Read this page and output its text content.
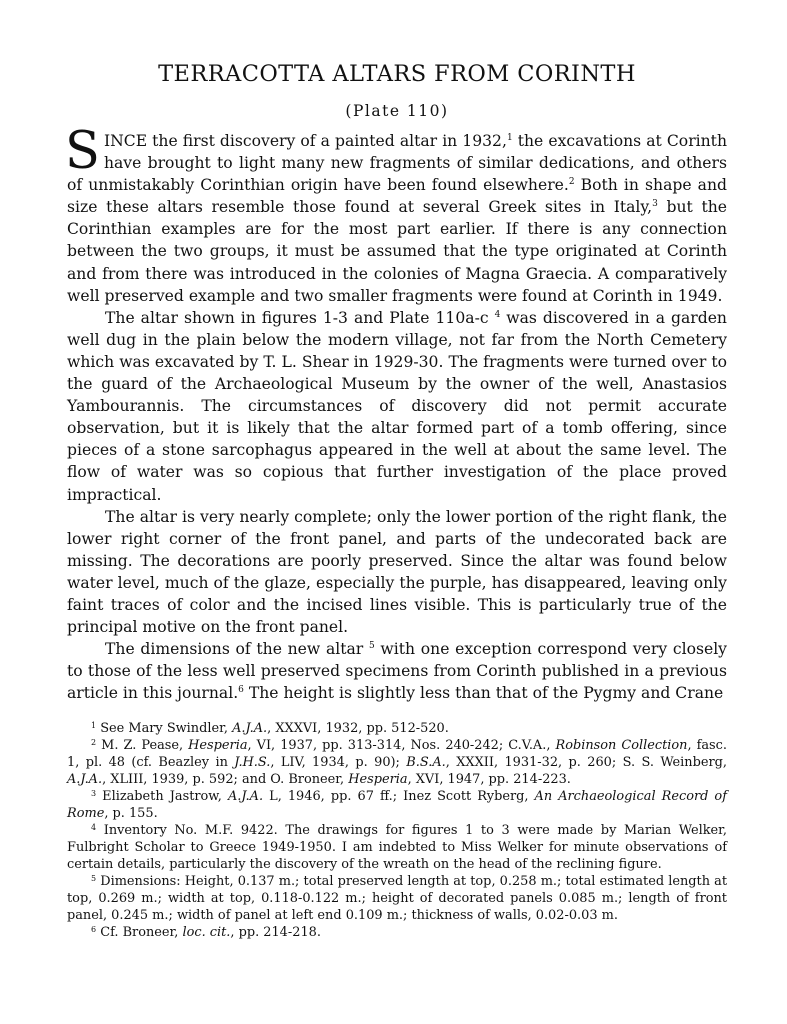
TERRACOTTA ALTARS FROM CORINTH
(Plate 110)

SINCE the first discovery of a painted altar in 1932,$^1$ the excavations at Corinth have brought to light many new fragments of similar dedications, and others of unmistakably Corinthian origin have been found elsewhere.$^2$ Both in shape and size these altars resemble those found at several Greek sites in Italy,$^3$ but the Corinthian examples are for the most part earlier. If there is any connection between the two groups, it must be assumed that the type originated at Corinth and from there was introduced in the colonies of Magna Graecia. A comparatively well preserved example and two smaller fragments were found at Corinth in 1949.

The altar shown in figures 1-3 and Plate 110a-c $^4$ was discovered in a garden well dug in the plain below the modern village, not far from the North Cemetery which was excavated by T. L. Shear in 1929-30. The fragments were turned over to the guard of the Archaeological Museum by the owner of the well, Anastasios Yambourannis. The circumstances of discovery did not permit accurate observation, but it is likely that the altar formed part of a tomb offering, since pieces of a stone sarcophagus appeared in the well at about the same level. The flow of water was so copious that further investigation of the place proved impractical.

The altar is very nearly complete; only the lower portion of the right flank, the lower right corner of the front panel, and parts of the undecorated back are missing. The decorations are poorly preserved. Since the altar was found below water level, much of the glaze, especially the purple, has disappeared, leaving only faint traces of color and the incised lines visible. This is particularly true of the principal motive on the front panel.

The dimensions of the new altar $^5$ with one exception correspond very closely to those of the less well preserved specimens from Corinth published in a previous article in this journal.$^6$ The height is slightly less than that of the Pygmy and Crane

$^1$ See Mary Swindler, A.J.A., XXXVI, 1932, pp. 512-520.

$^2$ M. Z. Pease, Hesperia, VI, 1937, pp. 313-314, Nos. 240-242; C.V.A., Robinson Collection, fasc. 1, pl. 48 (cf. Beazley in J.H.S., LIV, 1934, p. 90); B.S.A., XXXII, 1931-32, p. 260; S. S. Weinberg, A.J.A., XLIII, 1939, p. 592; and O. Broneer, Hesperia, XVI, 1947, pp. 214-223.

$^3$ Elizabeth Jastrow, A.J.A. L, 1946, pp. 67 ff.; Inez Scott Ryberg, An Archaeological Record of Rome, p. 155.

$^4$ Inventory No. M.F. 9422. The drawings for figures 1 to 3 were made by Marian Welker, Fulbright Scholar to Greece 1949-1950. I am indebted to Miss Welker for minute observations of certain details, particularly the discovery of the wreath on the head of the reclining figure.

$^5$ Dimensions: Height, 0.137 m.; total preserved length at top, 0.258 m.; total estimated length at top, 0.269 m.; width at top, 0.118-0.122 m.; height of decorated panels 0.085 m.; length of front panel, 0.245 m.; width of panel at left end 0.109 m.; thickness of walls, 0.02-0.03 m.

$^6$ Cf. Broneer, loc. cit., pp. 214-218.
